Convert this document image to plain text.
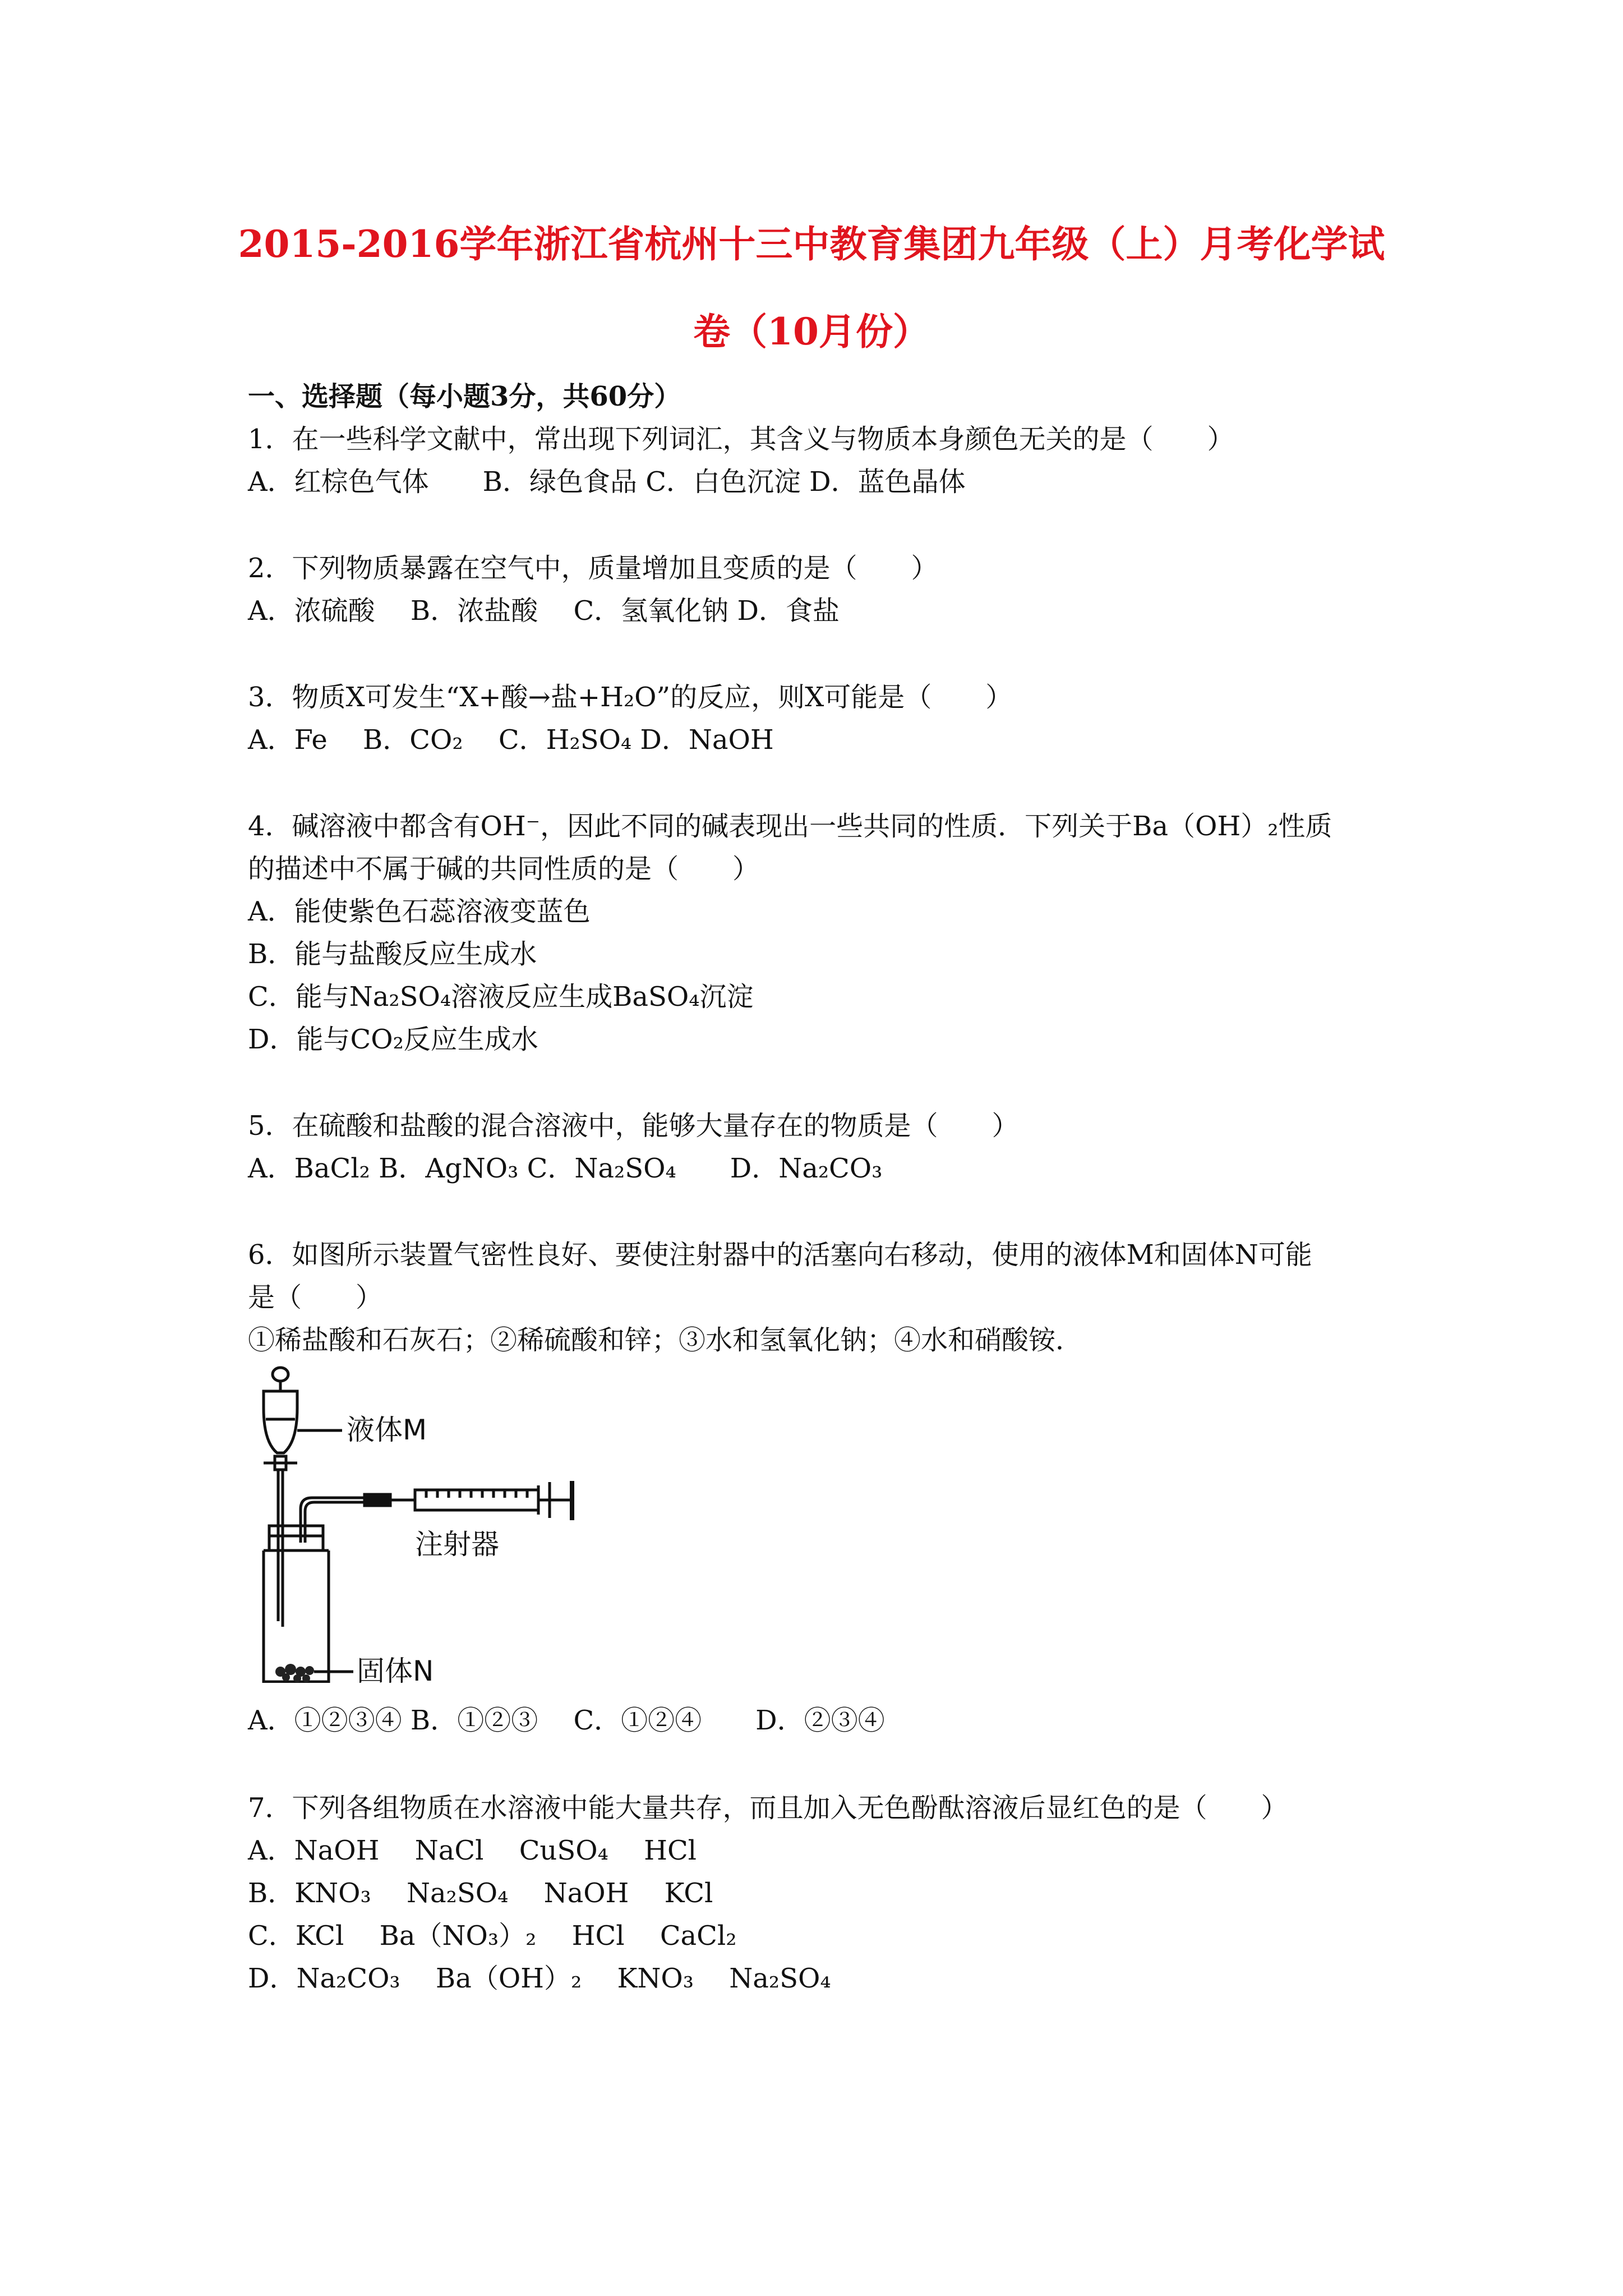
2015-2016学年浙江省杭州十三中教育集团九年级（上）月考化学试
卷（10月份）
一、选择题（每小题3分，共60分）
1．在一些科学文献中，常出现下列词汇，其含义与物质本身颜色无关的是（　　）
A．红棕色气体　　B．绿色食品 C．白色沉淀 D．蓝色晶体
2．下列物质暴露在空气中，质量增加且变质的是（　　）
A．浓硫酸　 B．浓盐酸　 C．氢氧化钠 D．食盐
3．物质X可发生“X+酸→盐+H₂O”的反应，则X可能是（　　）
A．Fe　 B．CO₂　 C．H₂SO₄ D．NaOH
4．碱溶液中都含有OH⁻，因此不同的碱表现出一些共同的性质．下列关于Ba（OH）₂性质
的描述中不属于碱的共同性质的是（　　）
A．能使紫色石蕊溶液变蓝色
B．能与盐酸反应生成水
C．能与Na₂SO₄溶液反应生成BaSO₄沉淀
D．能与CO₂反应生成水
5．在硫酸和盐酸的混合溶液中，能够大量存在的物质是（　　）
A．BaCl₂ B．AgNO₃ C．Na₂SO₄　　D．Na₂CO₃
6．如图所示装置气密性良好、要使注射器中的活塞向右移动，使用的液体M和固体N可能
是（　　）
①稀盐酸和石灰石；②稀硫酸和锌；③水和氢氧化钠；④水和硝酸铵．
液体M
注射器
固体N
A．①②③④ B．①②③　 C．①②④　　D．②③④
7．下列各组物质在水溶液中能大量共存，而且加入无色酚酞溶液后显红色的是（　　）
A．NaOH　 NaCl　 CuSO₄　 HCl
B．KNO₃　 Na₂SO₄　 NaOH　 KCl
C．KCl　 Ba（NO₃）₂　 HCl　 CaCl₂
D．Na₂CO₃　 Ba（OH）₂　 KNO₃　 Na₂SO₄
